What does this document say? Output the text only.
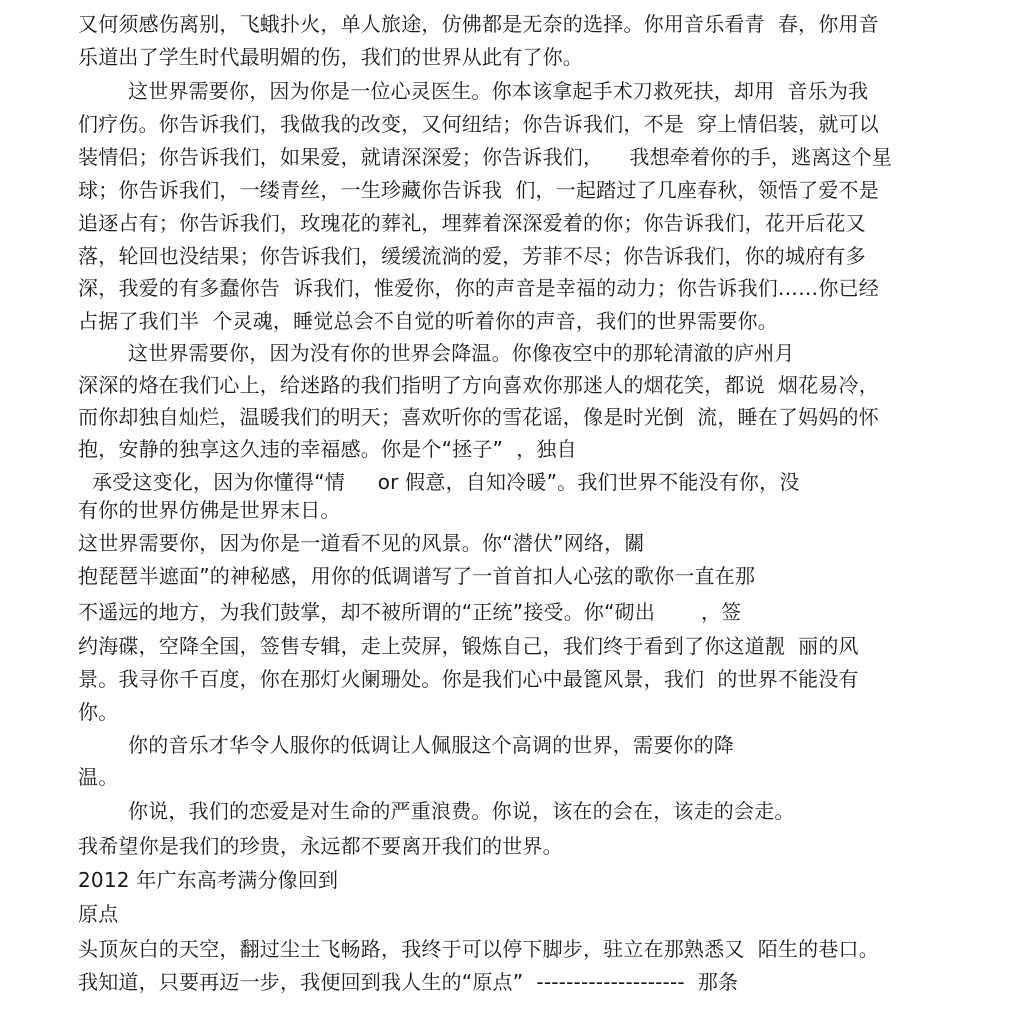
又何须感伤离别，飞蛾扑火，单人旅途，仿佛都是无奈的选择。你用音乐看青  春，你用音
乐道出了学生时代最明媚的伤，我们的世界从此有了你。
这世界需要你，因为你是一位心灵医生。你本该拿起手术刀救死扶，却用  音乐为我
们疗伤。你告诉我们，我做我的改变，又何纽结；你告诉我们，不是  穿上情侣装，就可以
装情侣；你告诉我们，如果爱，就请深深爱；你告诉我们，    我想牵着你的手，逃离这个星
球；你告诉我们，一缕青丝，一生珍藏你告诉我  们，一起踏过了几座春秋，领悟了爱不是
追逐占有；你告诉我们，玫瑰花的葬礼，埋葬着深深爱着的你；你告诉我们，花开后花又
落，轮回也没结果；你告诉我们，缓缓流淌的爱，芳菲不尽；你告诉我们，你的城府有多
深，我爱的有多蠢你告  诉我们，惟爱你，你的声音是幸福的动力；你告诉我们……你已经
占据了我们半  个灵魂，睡觉总会不自觉的听着你的声音，我们的世界需要你。
这世界需要你，因为没有你的世界会降温。你像夜空中的那轮清澈的庐州月
深深的烙在我们心上，给迷路的我们指明了方向喜欢你那迷人的烟花笑，都说  烟花易冷，
而你却独自灿烂，温暖我们的明天；喜欢听你的雪花谣，像是时光倒  流，睡在了妈妈的怀
抱，安静的独享这久违的幸福感。你是个“拯子”  ，独自
承受这变化，因为你懂得“情     or 假意，自知冷暖”。我们世界不能没有你，没
有你的世界仿佛是世界末日。
这世界需要你，因为你是一道看不见的风景。你“潜伏”网络，關
抱琵琶半遮面”的神秘感，用你的低调谱写了一首首扣人心弦的歌你一直在那
不遥远的地方，为我们鼓掌，却不被所谓的“正统”接受。你“砌出       ，签
约海碟，空降全国，签售专辑，走上荧屏，锻炼自己，我们终于看到了你这道靓  丽的风
景。我寻你千百度，你在那灯火阑珊处。你是我们心中最篦风景，我们  的世界不能没有
你。
你的音乐才华令人服你的低调让人佩服这个高调的世界，需要你的降
温。
你说，我们的恋爱是对生命的严重浪费。你说，该在的会在，该走的会走。
我希望你是我们的珍贵，永远都不要离开我们的世界。
2012 年广东高考满分像回到
原点
头顶灰白的天空，翻过尘土飞畅路，我终于可以停下脚步，驻立在那熟悉又  陌生的巷口。
我知道，只要再迈一步，我便回到我人生的“原点”  --------------------  那条
